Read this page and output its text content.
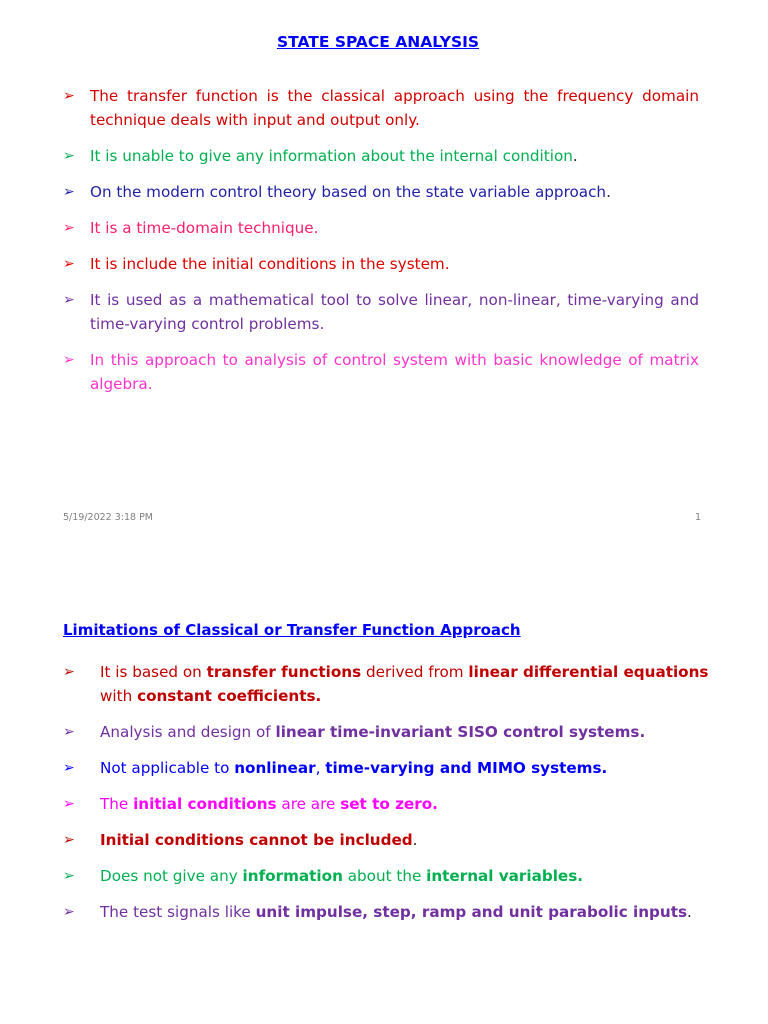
STATE SPACE ANALYSIS
➢ The transfer function is the classical approach using the frequency domain technique deals with input and output only.
➢ It is unable to give any information about the internal condition.
➢ On the modern control theory based on the state variable approach.
➢ It is a time-domain technique.
➢ It is include the initial conditions in the system.
➢ It is used as a mathematical tool to solve linear, non-linear, time-varying and time-varying control problems.
➢ In this approach to analysis of control system with basic knowledge of matrix algebra.
5/19/2022 3:18 PM	1
Limitations of Classical or Transfer Function Approach
➢ It is based on transfer functions derived from linear differential equations with constant coefficients.
➢ Analysis and design of linear time-invariant SISO control systems.
➢ Not applicable to nonlinear, time-varying and MIMO systems.
➢ The initial conditions are are set to zero.
➢ Initial conditions cannot be included.
➢ Does not give any information about the internal variables.
➢ The test signals like unit impulse, step, ramp and unit parabolic inputs.
